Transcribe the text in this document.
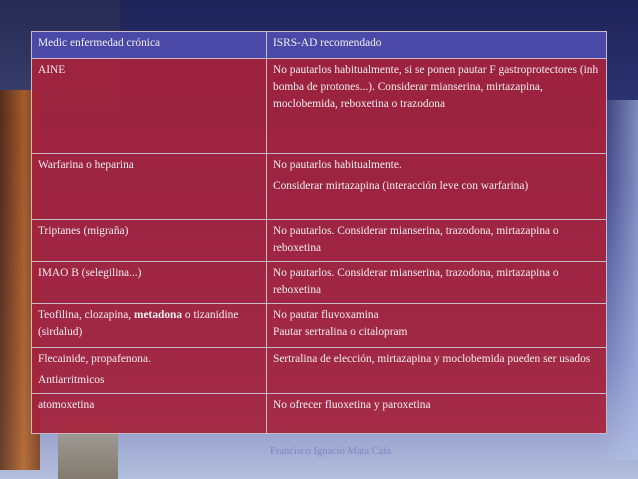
Medic enfermedad crónica	ISRS-AD recomendado

AINE	No pautarlos habitualmente, si se ponen pautar F gastroprotectores (inh bomba de protones...). Considerar mianserina, mirtazapina, moclobemida, reboxetina o trazodona

Warfarina o heparina	No pautarlos habitualmente.
Considerar mirtazapina (interacción leve con warfarina)

Triptanes (migraña)	No pautarlos. Considerar mianserina, trazodona, mirtazapina o reboxetina

IMAO B (selegilina...)	No pautarlos. Considerar mianserina, trazodona, mirtazapina o reboxetina

Teofilina, clozapina, metadona o tizanidine (sirdalud)	No pautar fluvoxamina
Pautar sertralina o citalopram

Flecainide, propafenona.
Antiarritmicos	Sertralina de elección, mirtazapina y moclobemida pueden ser usados

atomoxetina	No ofrecer fluoxetina y paroxetina
Francisco Ignacio Mata Cala
